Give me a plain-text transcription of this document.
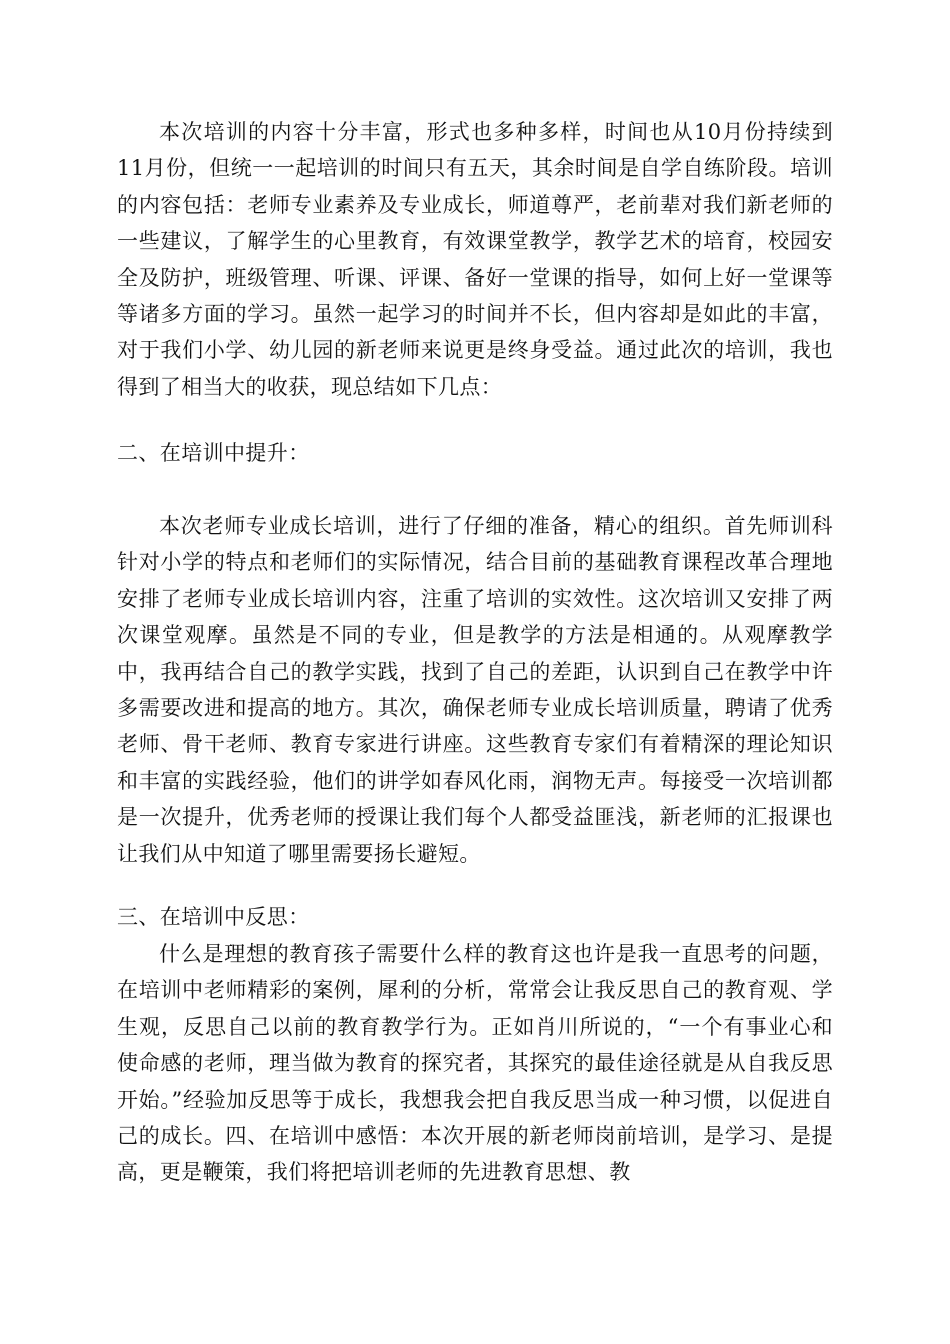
本次培训的内容十分丰富，形式也多种多样，时间也从10月份持续到11月份，但统一一起培训的时间只有五天，其余时间是自学自练阶段。培训的内容包括：老师专业素养及专业成长，师道尊严，老前辈对我们新老师的一些建议，了解学生的心里教育，有效课堂教学，教学艺术的培育，校园安全及防护，班级管理、听课、评课、备好一堂课的指导，如何上好一堂课等等诸多方面的学习。虽然一起学习的时间并不长，但内容却是如此的丰富，对于我们小学、幼儿园的新老师来说更是终身受益。通过此次的培训，我也得到了相当大的收获，现总结如下几点：

二、在培训中提升：

本次老师专业成长培训，进行了仔细的准备，精心的组织。首先师训科针对小学的特点和老师们的实际情况，结合目前的基础教育课程改革合理地安排了老师专业成长培训内容，注重了培训的实效性。这次培训又安排了两次课堂观摩。虽然是不同的专业，但是教学的方法是相通的。从观摩教学中，我再结合自己的教学实践，找到了自己的差距，认识到自己在教学中许多需要改进和提高的地方。其次，确保老师专业成长培训质量，聘请了优秀老师、骨干老师、教育专家进行讲座。这些教育专家们有着精深的理论知识和丰富的实践经验，他们的讲学如春风化雨，润物无声。每接受一次培训都是一次提升，优秀老师的授课让我们每个人都受益匪浅，新老师的汇报课也让我们从中知道了哪里需要扬长避短。

三、在培训中反思：

什么是理想的教育孩子需要什么样的教育这也许是我一直思考的问题，在培训中老师精彩的案例，犀利的分析，常常会让我反思自己的教育观、学生观，反思自己以前的教育教学行为。正如肖川所说的，“一个有事业心和使命感的老师，理当做为教育的探究者，其探究的最佳途径就是从自我反思开始。”经验加反思等于成长，我想我会把自我反思当成一种习惯，以促进自己的成长。四、在培训中感悟：本次开展的新老师岗前培训，是学习、是提高，更是鞭策，我们将把培训老师的先进教育思想、教
